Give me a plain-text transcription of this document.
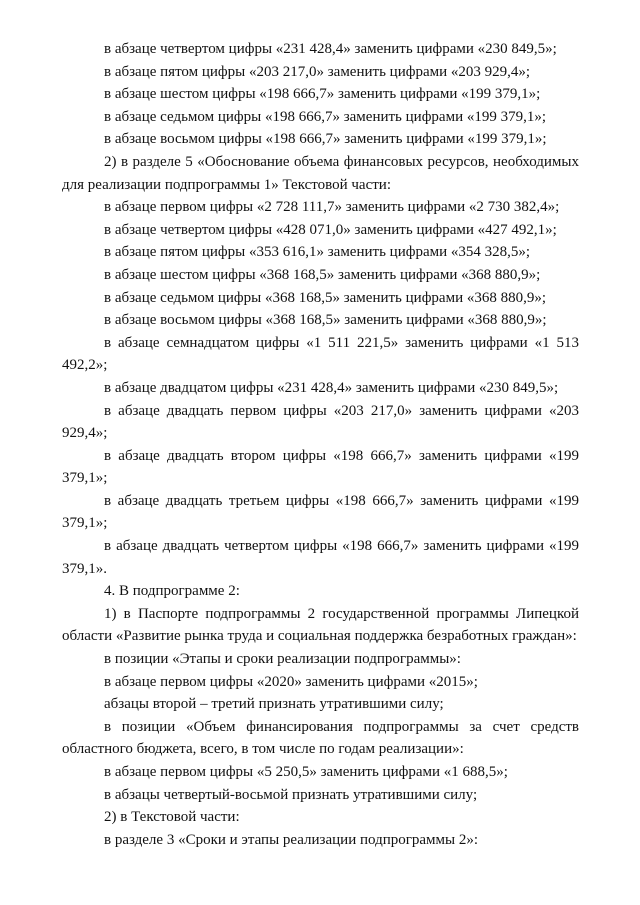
в абзаце четвертом цифры «231 428,4» заменить цифрами «230 849,5»;

в абзаце пятом цифры «203 217,0» заменить цифрами «203 929,4»;

в абзаце шестом цифры «198 666,7» заменить цифрами «199 379,1»;

в абзаце седьмом цифры «198 666,7» заменить цифрами «199 379,1»;

в абзаце восьмом цифры «198 666,7» заменить цифрами «199 379,1»;

2) в разделе 5 «Обоснование объема финансовых ресурсов, необходимых для реализации подпрограммы 1» Текстовой части:

в абзаце первом цифры «2 728 111,7» заменить цифрами «2 730 382,4»;

в абзаце четвертом цифры «428 071,0» заменить цифрами «427 492,1»;

в абзаце пятом цифры «353 616,1» заменить цифрами «354 328,5»;

в абзаце шестом цифры «368 168,5» заменить цифрами «368 880,9»;

в абзаце седьмом цифры «368 168,5» заменить цифрами «368 880,9»;

в абзаце восьмом цифры «368 168,5» заменить цифрами «368 880,9»;

в абзаце семнадцатом цифры «1 511 221,5» заменить цифрами «1 513 492,2»;

в абзаце двадцатом цифры «231 428,4» заменить цифрами «230 849,5»;

в абзаце двадцать первом цифры «203 217,0» заменить цифрами «203 929,4»;

в абзаце двадцать втором цифры «198 666,7» заменить цифрами «199 379,1»;

в абзаце двадцать третьем цифры «198 666,7» заменить цифрами «199 379,1»;

в абзаце двадцать четвертом цифры «198 666,7» заменить цифрами «199 379,1».

4. В подпрограмме 2:

1) в Паспорте подпрограммы 2 государственной программы Липецкой области «Развитие рынка труда и социальная поддержка безработных граждан»:

в позиции «Этапы и сроки реализации подпрограммы»:

в абзаце первом цифры «2020» заменить цифрами «2015»;

абзацы второй – третий признать утратившими силу;

в позиции «Объем финансирования подпрограммы за счет средств областного бюджета, всего, в том числе по годам реализации»:

в абзаце первом цифры «5 250,5» заменить цифрами «1 688,5»;

в абзацы четвертый-восьмой признать утратившими силу;

2) в Текстовой части:

в разделе 3 «Сроки и этапы реализации подпрограммы 2»:
